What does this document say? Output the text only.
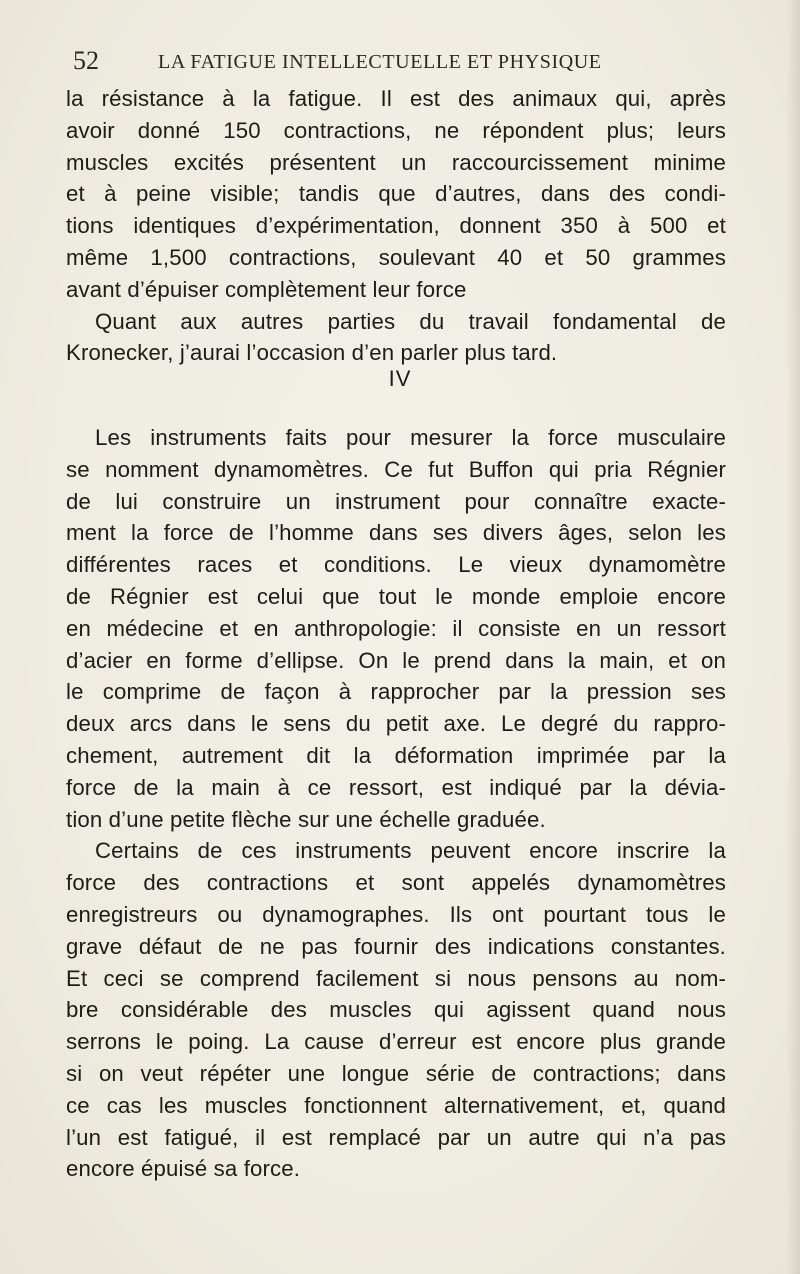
52	LA FATIGUE INTELLECTUELLE ET PHYSIQUE
la résistance à la fatigue. Il est des animaux qui, après
avoir donné 150 contractions, ne répondent plus; leurs
muscles excités présentent un raccourcissement minime
et à peine visible; tandis que d’autres, dans des condi-
tions identiques d’expérimentation, donnent 350 à 500 et
même 1,500 contractions, soulevant 40 et 50 grammes
avant d’épuiser complètement leur force
Quant aux autres parties du travail fondamental de
Kronecker, j’aurai l’occasion d’en parler plus tard.
IV
Les instruments faits pour mesurer la force musculaire
se nomment dynamomètres. Ce fut Buffon qui pria Régnier
de lui construire un instrument pour connaître exacte-
ment la force de l’homme dans ses divers âges, selon les
différentes races et conditions. Le vieux dynamomètre
de Régnier est celui que tout le monde emploie encore
en médecine et en anthropologie: il consiste en un ressort
d’acier en forme d’ellipse. On le prend dans la main, et on
le comprime de façon à rapprocher par la pression ses
deux arcs dans le sens du petit axe. Le degré du rappro-
chement, autrement dit la déformation imprimée par la
force de la main à ce ressort, est indiqué par la dévia-
tion d’une petite flèche sur une échelle graduée.
Certains de ces instruments peuvent encore inscrire la
force des contractions et sont appelés dynamomètres
enregistreurs ou dynamographes. Ils ont pourtant tous le
grave défaut de ne pas fournir des indications constantes.
Et ceci se comprend facilement si nous pensons au nom-
bre considérable des muscles qui agissent quand nous
serrons le poing. La cause d’erreur est encore plus grande
si on veut répéter une longue série de contractions; dans
ce cas les muscles fonctionnent alternativement, et, quand
l’un est fatigué, il est remplacé par un autre qui n’a pas
encore épuisé sa force.
